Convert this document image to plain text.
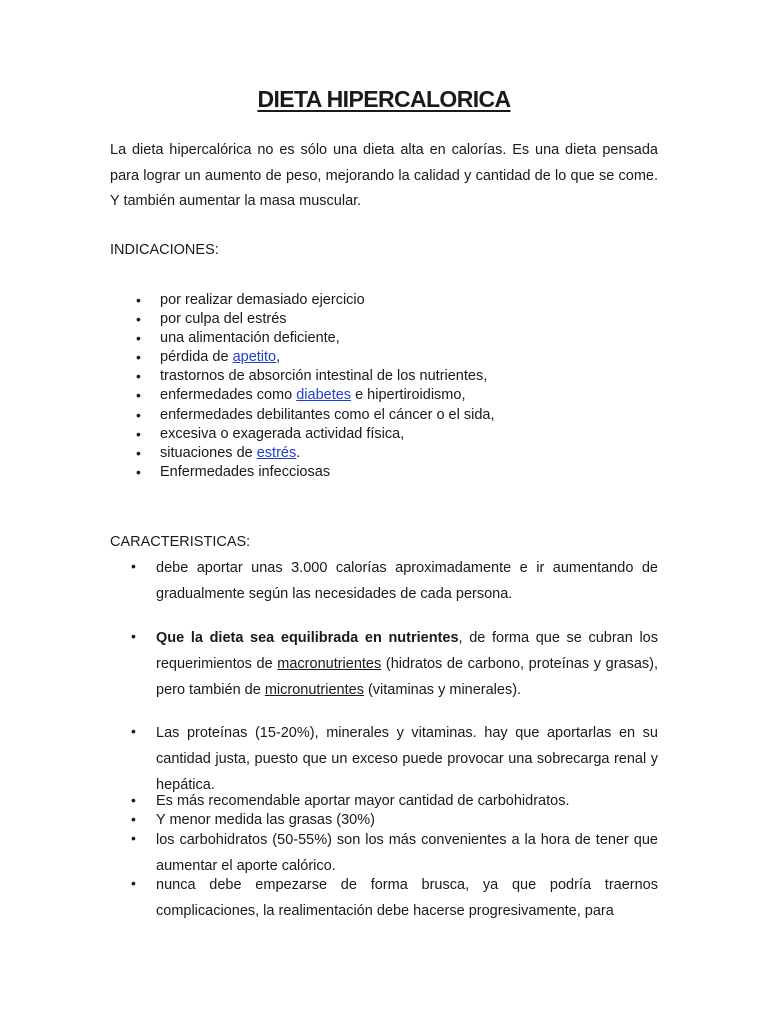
DIETA HIPERCALORICA

La dieta hipercalórica no es sólo una dieta alta en calorías. Es una dieta pensada para lograr un aumento de peso, mejorando la calidad y cantidad de lo que se come. Y también aumentar la masa muscular.

INDICACIONES:
• por realizar demasiado ejercicio
• por culpa del estrés
• una alimentación deficiente,
• pérdida de apetito,
• trastornos de absorción intestinal de los nutrientes,
• enfermedades como diabetes e hipertiroidismo,
• enfermedades debilitantes como el cáncer o el sida,
• excesiva o exagerada actividad física,
• situaciones de estrés.
• Enfermedades infecciosas
CARACTERISTICAS:
• debe aportar unas 3.000 calorías aproximadamente e ir aumentando de gradualmente según las necesidades de cada persona.

• Que la dieta sea equilibrada en nutrientes, de forma que se cubran los requerimientos de macronutrientes (hidratos de carbono, proteínas y grasas), pero también de micronutrientes (vitaminas y minerales).

• Las proteínas (15-20%), minerales y vitaminas. hay que aportarlas en su cantidad justa, puesto que un exceso puede provocar una sobrecarga renal y hepática.

• Es más recomendable aportar mayor cantidad de carbohidratos.

• Y menor medida las grasas (30%)

• los carbohidratos (50-55%) son los más convenientes a la hora de tener que aumentar el aporte calórico.

• nunca debe empezarse de forma brusca, ya que podría traernos complicaciones, la realimentación debe hacerse progresivamente, para
